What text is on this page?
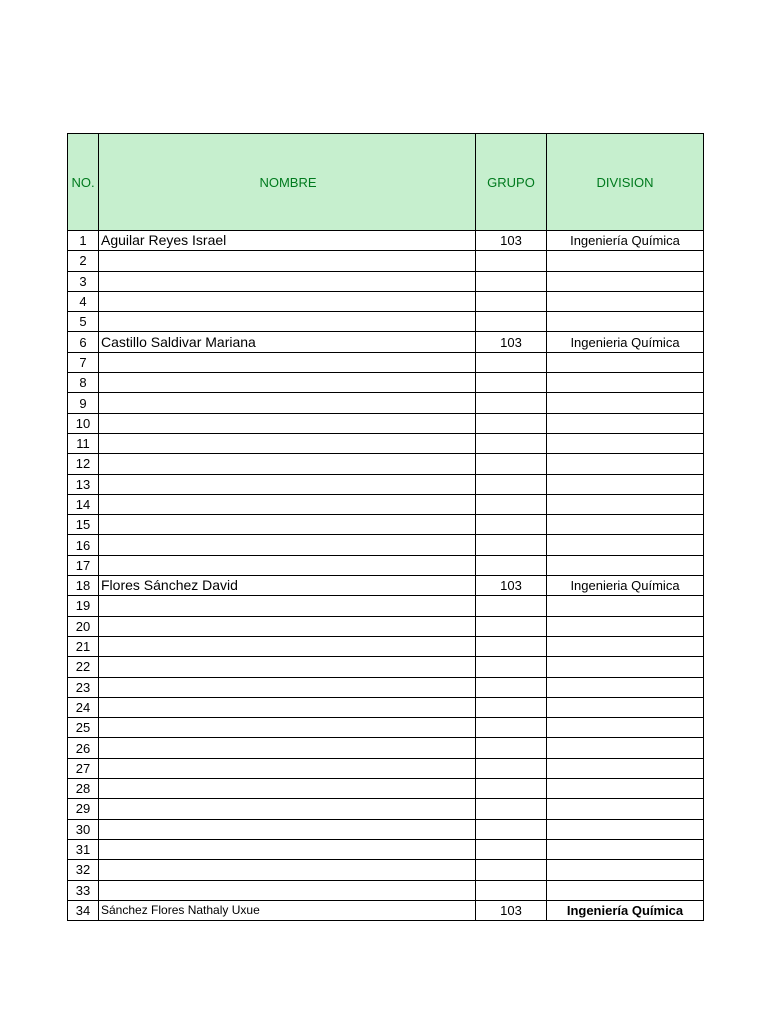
NO.	NOMBRE	GRUPO	DIVISION
1	Aguilar Reyes Israel	103	Ingeniería Química
2			
3			
4			
5			
6	Castillo Saldivar Mariana	103	Ingenieria Química
7			
8			
9			
10			
11			
12			
13			
14			
15			
16			
17			
18	Flores Sánchez David	103	Ingenieria Química
19			
20			
21			
22			
23			
24			
25			
26			
27			
28			
29			
30			
31			
32			
33			
34	Sánchez Flores Nathaly Uxue	103	Ingeniería Química
